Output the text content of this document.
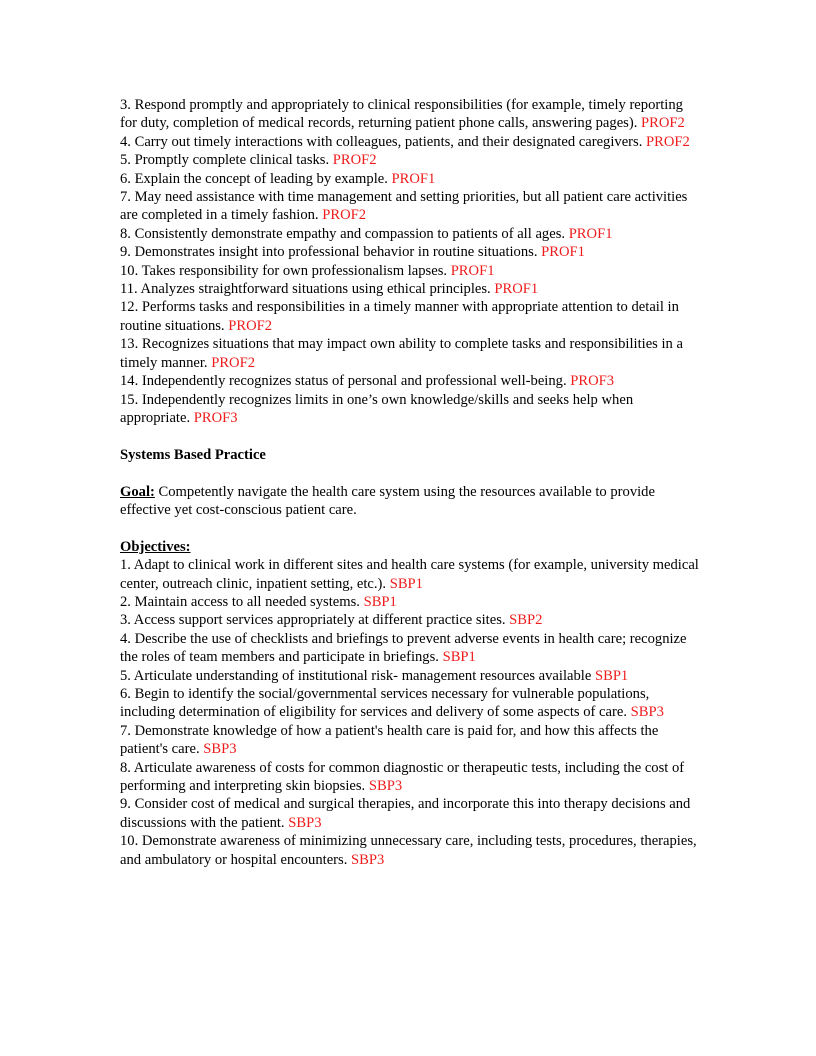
3. Respond promptly and appropriately to clinical responsibilities (for example, timely reporting for duty, completion of medical records, returning patient phone calls, answering pages). PROF2

4. Carry out timely interactions with colleagues, patients, and their designated caregivers. PROF2

5. Promptly complete clinical tasks. PROF2

6. Explain the concept of leading by example. PROF1

7. May need assistance with time management and setting priorities, but all patient care activities are completed in a timely fashion. PROF2

8. Consistently demonstrate empathy and compassion to patients of all ages. PROF1

9. Demonstrates insight into professional behavior in routine situations. PROF1

10. Takes responsibility for own professionalism lapses. PROF1

11. Analyzes straightforward situations using ethical principles. PROF1

12. Performs tasks and responsibilities in a timely manner with appropriate attention to detail in routine situations. PROF2

13. Recognizes situations that may impact own ability to complete tasks and responsibilities in a timely manner. PROF2

14. Independently recognizes status of personal and professional well-being. PROF3

15. Independently recognizes limits in one’s own knowledge/skills and seeks help when appropriate. PROF3

Systems Based Practice

Goal: Competently navigate the health care system using the resources available to provide effective yet cost-conscious patient care.

Objectives:

1. Adapt to clinical work in different sites and health care systems (for example, university medical center, outreach clinic, inpatient setting, etc.). SBP1

2. Maintain access to all needed systems. SBP1

3. Access support services appropriately at different practice sites. SBP2

4. Describe the use of checklists and briefings to prevent adverse events in health care; recognize the roles of team members and participate in briefings. SBP1

5. Articulate understanding of institutional risk- management resources available SBP1

6. Begin to identify the social/governmental services necessary for vulnerable populations, including determination of eligibility for services and delivery of some aspects of care. SBP3

7. Demonstrate knowledge of how a patient's health care is paid for, and how this affects the patient's care. SBP3

8. Articulate awareness of costs for common diagnostic or therapeutic tests, including the cost of performing and interpreting skin biopsies. SBP3

9. Consider cost of medical and surgical therapies, and incorporate this into therapy decisions and discussions with the patient. SBP3

10. Demonstrate awareness of minimizing unnecessary care, including tests, procedures, therapies, and ambulatory or hospital encounters. SBP3
